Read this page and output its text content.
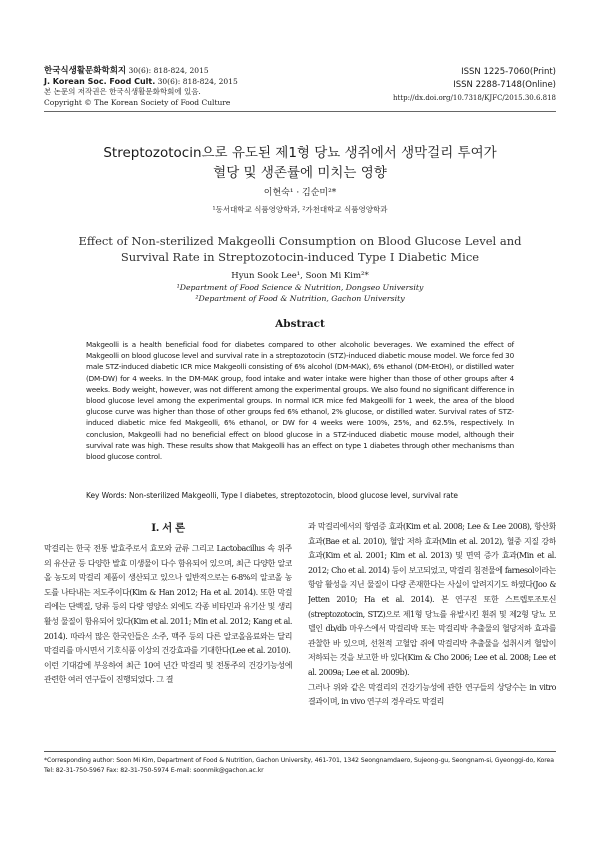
한국식생활문화학회지 30(6): 818-824, 2015
J. Korean Soc. Food Cult. 30(6): 818-824, 2015
본 논문의 저작권은 한국식생활문화학회에 있음.
Copyright © The Korean Society of Food Culture
ISSN 1225-7060(Print)
ISSN 2288-7148(Online)
http://dx.doi.org/10.7318/KJFC/2015.30.6.818
Streptozotocin으로 유도된 제1형 당뇨 생쥐에서 생막걸리 투여가
혈당 및 생존률에 미치는 영향
이현숙¹ · 김순미²*
¹동서대학교 식품영양학과, ²가천대학교 식품영양학과
Effect of Non-sterilized Makgeolli Consumption on Blood Glucose Level and
Survival Rate in Streptozotocin-induced Type I Diabetic Mice
Hyun Sook Lee¹, Soon Mi Kim²*
¹Department of Food Science & Nutrition, Dongseo University
²Department of Food & Nutrition, Gachon University
Abstract
Makgeolli is a health beneficial food for diabetes compared to other alcoholic beverages. We examined the effect of Makgeolli on blood glucose level and survival rate in a streptozotocin (STZ)-induced diabetic mouse model. We force fed 30 male STZ-induced diabetic ICR mice Makgeolli consisting of 6% alcohol (DM-MAK), 6% ethanol (DM-EtOH), or distilled water (DM-DW) for 4 weeks. In the DM-MAK group, food intake and water intake were higher than those of other groups after 4 weeks. Body weight, however, was not different among the experimental groups. We also found no significant difference in blood glucose level among the experimental groups. In normal ICR mice fed Makgeolli for 1 week, the area of the blood glucose curve was higher than those of other groups fed 6% ethanol, 2% glucose, or distilled water. Survival rates of STZ-induced diabetic mice fed Makgeolli, 6% ethanol, or DW for 4 weeks were 100%, 25%, and 62.5%, respectively. In conclusion, Makgeolli had no beneficial effect on blood glucose in a STZ-induced diabetic mouse model, although their survival rate was high. These results show that Makgeolli has an effect on type 1 diabetes through other mechanisms than blood glucose control.
Key Words: Non-sterilized Makgeolli, Type I diabetes, streptozotocin, blood glucose level, survival rate
I. 서 론

막걸리는 한국 전통 발효주로서 효모와 균류 그리고 Lactobacillus 속 위주의 유산균 등 다양한 발효 미생물이 다수 함유되어 있으며, 최근 다양한 알코올 농도의 막걸리 제품이 생산되고 있으나 일반적으로는 6-8%의 알코올 농도를 나타내는 저도주이다(Kim & Han 2012; Ha et al. 2014). 또한 막걸리에는 단백질, 당류 등의 다량 영양소 외에도 각종 비타민과 유기산 및 생리활성 물질이 함유되어 있다(Kim et al. 2011; Min et al. 2012; Kang et al. 2014). 따라서 많은 한국인들은 소주, 맥주 등의 다른 알코올음료와는 달리 막걸리를 마시면서 기호식품 이상의 건강효과를 기대한다(Lee et al. 2010).

이런 기대감에 부응하여 최근 10여 년간 막걸리 및 전통주의 건강기능성에 관련한 여러 연구들이 진행되었다. 그 결

과 막걸리에서의 항염증 효과(Kim et al. 2008; Lee & Lee 2008), 항산화 효과(Bae et al. 2010), 혈압 저하 효과(Min et al. 2012), 혈중 지질 강하 효과(Kim et al. 2001; Kim et al. 2013) 및 면역 증가 효과(Min et al. 2012; Cho et al. 2014) 등이 보고되었고, 막걸리 침전물에 farnesol이라는 항암 활성을 지닌 물질이 다량 존재한다는 사실이 알려지기도 하였다(Joo & Jetten 2010; Ha et al. 2014). 본 연구진 또한 스트렙토조토신(streptozotocin, STZ)으로 제1형 당뇨를 유발시킨 흰쥐 및 제2형 당뇨 모델인 db/db 마우스에서 막걸리박 또는 막걸리박 추출물의 혈당저하 효과를 관찰한 바 있으며, 선천적 고혈압 쥐에 막걸리박 추출물을 섭취시켜 혈압이 저하되는 것을 보고한 바 있다(Kim & Cho 2006; Lee et al. 2008; Lee et al. 2009a; Lee et al. 2009b).

그러나 위와 같은 막걸리의 건강기능성에 관한 연구들의 상당수는 in vitro 결과이며, in vivo 연구의 경우라도 막걸리

*Corresponding author: Soon Mi Kim, Department of Food & Nutrition, Gachon University, 461-701, 1342 Seongnamdaero, Sujeong-gu, Seongnam-si, Gyeonggi-do, Korea
Tel: 82-31-750-5967 Fax: 82-31-750-5974 E-mail: soonmik@gachon.ac.kr
